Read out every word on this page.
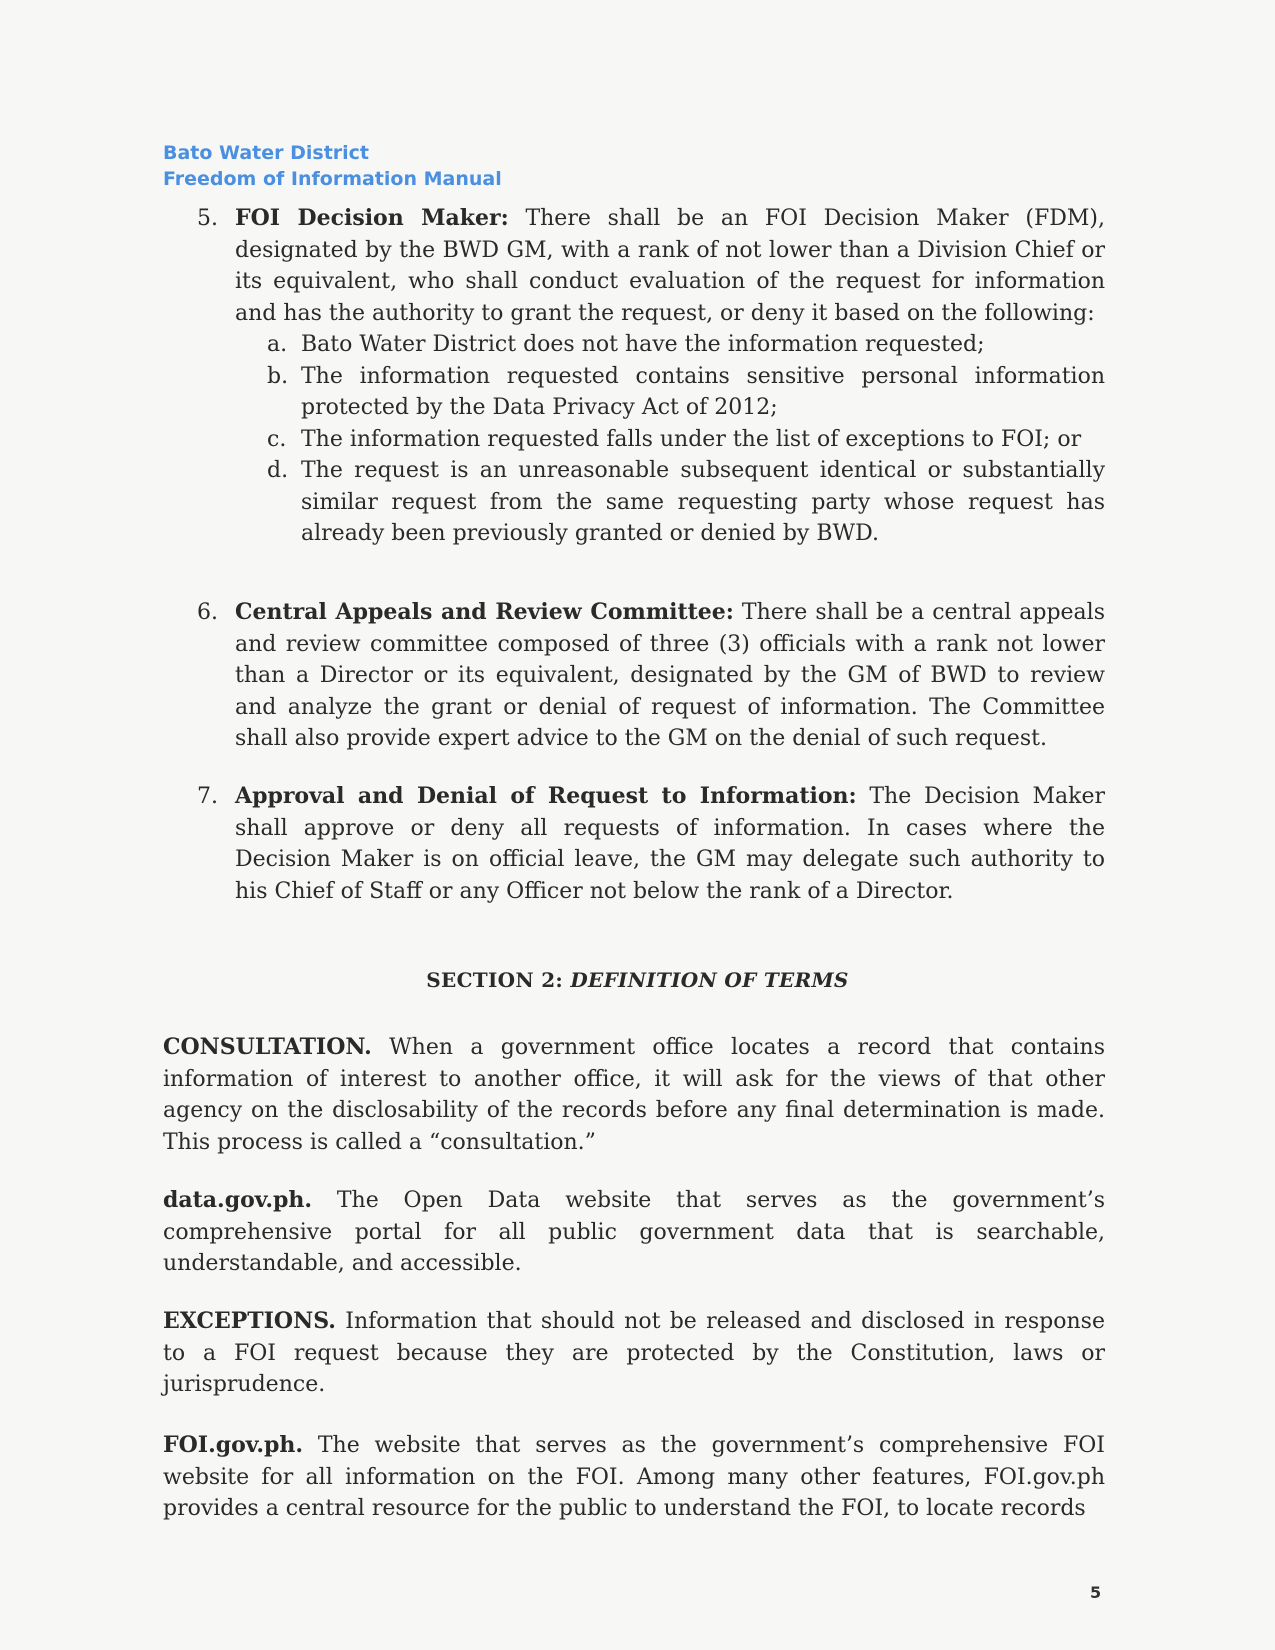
Bato Water District
Freedom of Information Manual
5. FOI Decision Maker: There shall be an FOI Decision Maker (FDM), designated by the BWD GM, with a rank of not lower than a Division Chief or its equivalent, who shall conduct evaluation of the request for information and has the authority to grant the request, or deny it based on the following:
a. Bato Water District does not have the information requested;
b. The information requested contains sensitive personal information protected by the Data Privacy Act of 2012;
c. The information requested falls under the list of exceptions to FOI; or
d. The request is an unreasonable subsequent identical or substantially similar request from the same requesting party whose request has already been previously granted or denied by BWD.
6. Central Appeals and Review Committee: There shall be a central appeals and review committee composed of three (3) officials with a rank not lower than a Director or its equivalent, designated by the GM of BWD to review and analyze the grant or denial of request of information. The Committee shall also provide expert advice to the GM on the denial of such request.
7. Approval and Denial of Request to Information: The Decision Maker shall approve or deny all requests of information. In cases where the Decision Maker is on official leave, the GM may delegate such authority to his Chief of Staff or any Officer not below the rank of a Director.
SECTION 2: DEFINITION OF TERMS

CONSULTATION. When a government office locates a record that contains information of interest to another office, it will ask for the views of that other agency on the disclosability of the records before any final determination is made. This process is called a “consultation.”

data.gov.ph. The Open Data website that serves as the government’s comprehensive portal for all public government data that is searchable, understandable, and accessible.

EXCEPTIONS. Information that should not be released and disclosed in response to a FOI request because they are protected by the Constitution, laws or jurisprudence.

FOI.gov.ph. The website that serves as the government’s comprehensive FOI website for all information on the FOI. Among many other features, FOI.gov.ph provides a central resource for the public to understand the FOI, to locate records

5
